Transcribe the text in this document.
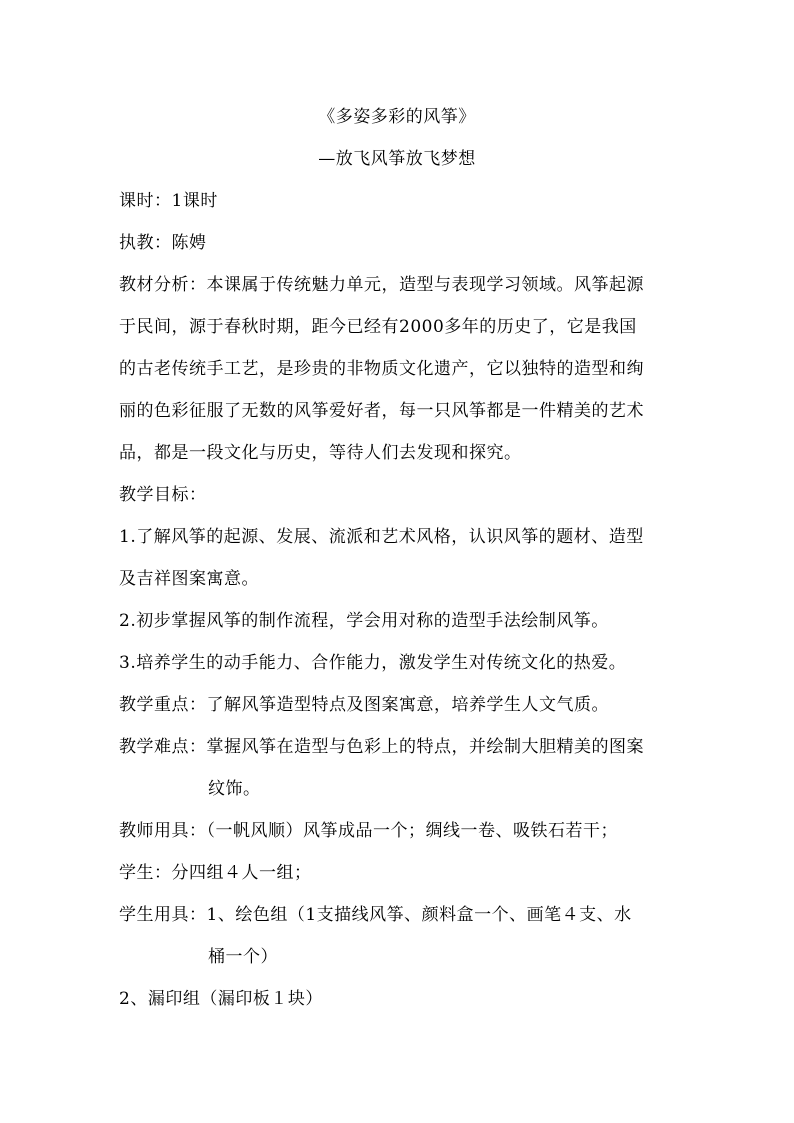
《多姿多彩的风筝》
—放飞风筝放飞梦想
课时：1课时
执教：陈娉
教材分析：本课属于传统魅力单元，造型与表现学习领域。风筝起源
于民间，源于春秋时期，距今已经有2000多年的历史了，它是我国
的古老传统手工艺，是珍贵的非物质文化遗产，它以独特的造型和绚
丽的色彩征服了无数的风筝爱好者，每一只风筝都是一件精美的艺术
品，都是一段文化与历史，等待人们去发现和探究。
教学目标：
1.了解风筝的起源、发展、流派和艺术风格，认识风筝的题材、造型
及吉祥图案寓意。
2.初步掌握风筝的制作流程，学会用对称的造型手法绘制风筝。
3.培养学生的动手能力、合作能力，激发学生对传统文化的热爱。
教学重点：了解风筝造型特点及图案寓意，培养学生人文气质。
教学难点：掌握风筝在造型与色彩上的特点，并绘制大胆精美的图案
纹饰。
教师用具：（一帆风顺）风筝成品一个；绸线一卷、吸铁石若干；
学生：分四组４人一组；
学生用具：1、绘色组（1支描线风筝、颜料盒一个、画笔４支、水
桶一个）
2、漏印组（漏印板１块）
